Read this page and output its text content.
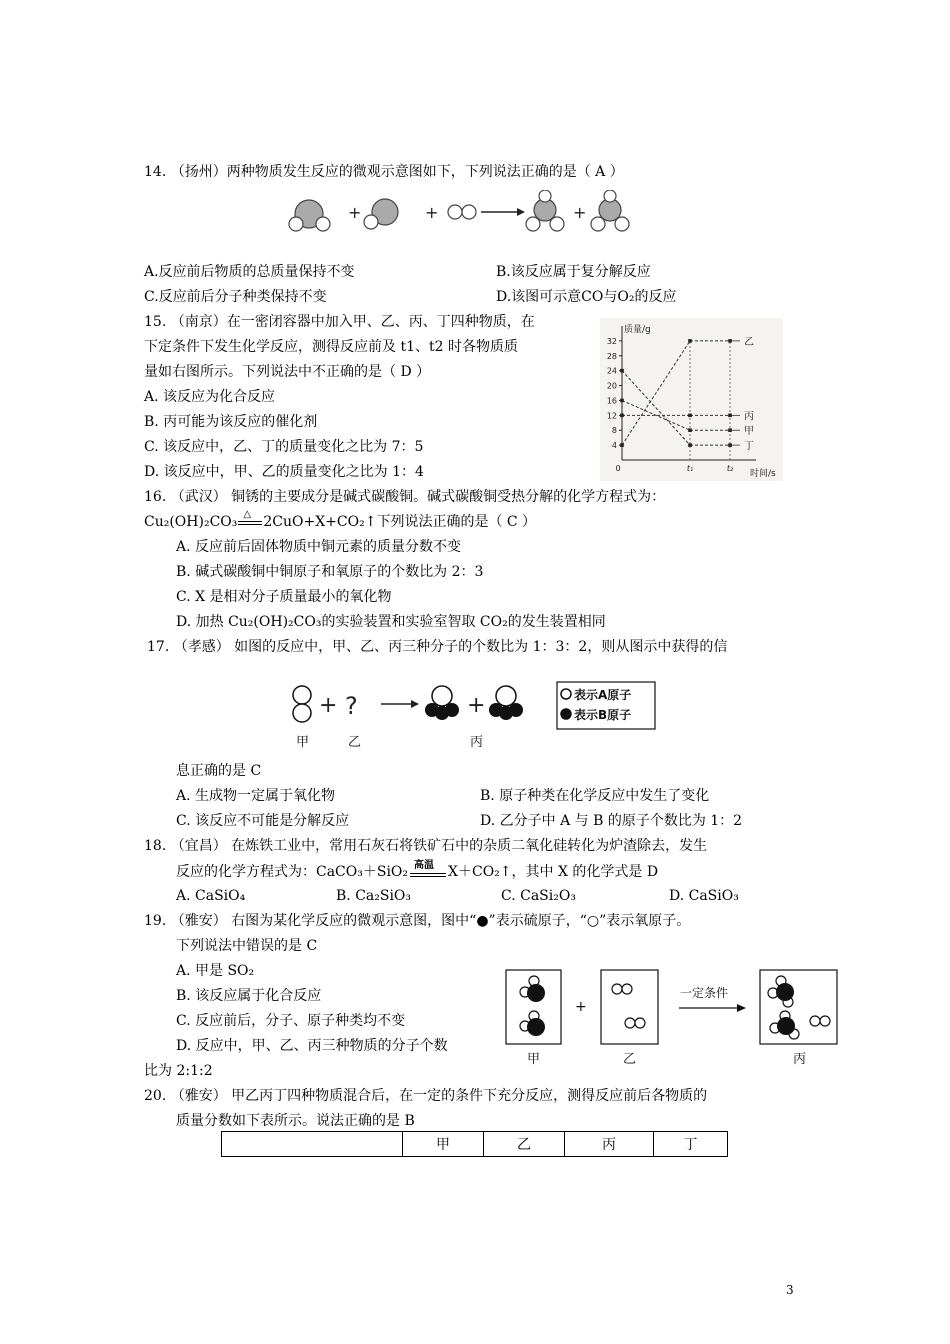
14. （扬州）两种物质发生反应的微观示意图如下，下列说法正确的是（ A ）
+	+	+
A.反应前后物质的总质量保持不变	B.该反应属于复分解反应
C.反应前后分子种类保持不变	D.该图可示意CO与O₂的反应
15. （南京）在一密闭容器中加入甲、乙、丙、丁四种物质，在
下定条件下发生化学反应，测得反应前及 t1、t2 时各物质质
量如右图所示。下列说法中不正确的是（ D ）
A. 该反应为化合反应
B. 丙可能为该反应的催化剂
C. 该反应中，乙、丁的质量变化之比为 7：5
D. 该反应中，甲、乙的质量变化之比为 1：4
质量/g
时间/s
4
8
12
16
20
24
28
32
0	t₁	t₂
乙
丙
甲
丁
16. （武汉） 铜锈的主要成分是碱式碳酸铜。碱式碳酸铜受热分解的化学方程式为：
Cu₂(OH)₂CO₃ △ 2CuO+X+CO₂↑下列说法正确的是（ C ）
A. 反应前后固体物质中铜元素的质量分数不变
B. 碱式碳酸铜中铜原子和氧原子的个数比为 2：3
C. X 是相对分子质量最小的氧化物
D. 加热 Cu₂(OH)₂CO₃的实验装置和实验室智取 CO₂的发生装置相同
17. （孝感） 如图的反应中，甲、乙、丙三种分子的个数比为 1：3：2，则从图示中获得的信
+	+
?	表示A原子
表示B原子
甲	乙	丙
息正确的是 C
A. 生成物一定属于氧化物	B. 原子种类在化学反应中发生了变化
C. 该反应不可能是分解反应	D. 乙分子中 A 与 B 的原子个数比为 1：2
18. （宜昌） 在炼铁工业中，常用石灰石将铁矿石中的杂质二氧化硅转化为炉渣除去，发生
反应的化学方程式为：CaCO₃＋SiO₂ 高温 X＋CO₂↑，其中 X 的化学式是 D
A. CaSiO₄	B. Ca₂SiO₃	C. CaSi₂O₃	D. CaSiO₃
19. （雅安） 右图为某化学反应的微观示意图，图中“●”表示硫原子，“○”表示氧原子。
下列说法中错误的是 C
A. 甲是 SO₂
B. 该反应属于化合反应
C. 反应前后，分子、原子种类均不变
D. 反应中，甲、乙、丙三种物质的分子个数
比为 2:1:2
+
一定条件
甲	乙	丙
20. （雅安） 甲乙丙丁四种物质混合后，在一定的条件下充分反应，测得反应前后各物质的
质量分数如下表所示。说法正确的是 B
	甲	乙	丙	丁
3
